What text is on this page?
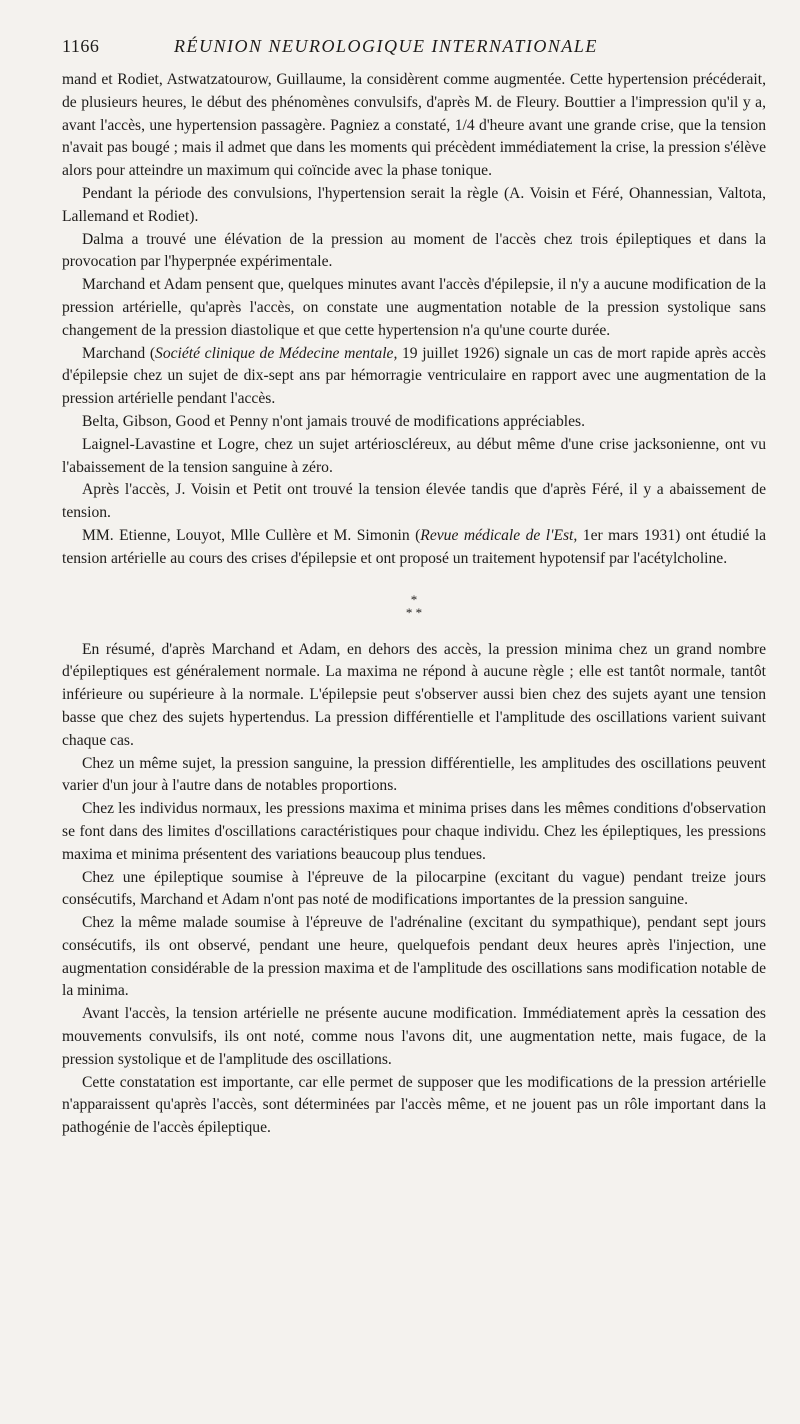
1166	RÉUNION NEUROLOGIQUE INTERNATIONALE

mand et Rodiet, Astwatzatourow, Guillaume, la considèrent comme augmentée. Cette hypertension précéderait, de plusieurs heures, le début des phénomènes convulsifs, d'après M. de Fleury. Bouttier a l'impression qu'il y a, avant l'accès, une hypertension passagère. Pagniez a constaté, 1/4 d'heure avant une grande crise, que la tension n'avait pas bougé ; mais il admet que dans les moments qui précèdent immédiatement la crise, la pression s'élève alors pour atteindre un maximum qui coïncide avec la phase tonique.

Pendant la période des convulsions, l'hypertension serait la règle (A. Voisin et Féré, Ohannessian, Valtota, Lallemand et Rodiet).

Dalma a trouvé une élévation de la pression au moment de l'accès chez trois épileptiques et dans la provocation par l'hyperpnée expérimentale.

Marchand et Adam pensent que, quelques minutes avant l'accès d'épilepsie, il n'y a aucune modification de la pression artérielle, qu'après l'accès, on constate une augmentation notable de la pression systolique sans changement de la pression diastolique et que cette hypertension n'a qu'une courte durée.

Marchand (Société clinique de Médecine mentale, 19 juillet 1926) signale un cas de mort rapide après accès d'épilepsie chez un sujet de dix-sept ans par hémorragie ventriculaire en rapport avec une augmentation de la pression artérielle pendant l'accès.

Belta, Gibson, Good et Penny n'ont jamais trouvé de modifications appréciables.

Laignel-Lavastine et Logre, chez un sujet artérioscléreux, au début même d'une crise jacksonienne, ont vu l'abaissement de la tension sanguine à zéro.

Après l'accès, J. Voisin et Petit ont trouvé la tension élevée tandis que d'après Féré, il y a abaissement de tension.

MM. Etienne, Louyot, Mlle Cullère et M. Simonin (Revue médicale de l'Est, 1er mars 1931) ont étudié la tension artérielle au cours des crises d'épilepsie et ont proposé un traitement hypotensif par l'acétylcholine.

*
* *

En résumé, d'après Marchand et Adam, en dehors des accès, la pression minima chez un grand nombre d'épileptiques est généralement normale. La maxima ne répond à aucune règle ; elle est tantôt normale, tantôt inférieure ou supérieure à la normale. L'épilepsie peut s'observer aussi bien chez des sujets ayant une tension basse que chez des sujets hypertendus. La pression différentielle et l'amplitude des oscillations varient suivant chaque cas.

Chez un même sujet, la pression sanguine, la pression différentielle, les amplitudes des oscillations peuvent varier d'un jour à l'autre dans de notables proportions.

Chez les individus normaux, les pressions maxima et minima prises dans les mêmes conditions d'observation se font dans des limites d'oscillations caractéristiques pour chaque individu. Chez les épileptiques, les pressions maxima et minima présentent des variations beaucoup plus tendues.

Chez une épileptique soumise à l'épreuve de la pilocarpine (excitant du vague) pendant treize jours consécutifs, Marchand et Adam n'ont pas noté de modifications importantes de la pression sanguine.

Chez la même malade soumise à l'épreuve de l'adrénaline (excitant du sympathique), pendant sept jours consécutifs, ils ont observé, pendant une heure, quelquefois pendant deux heures après l'injection, une augmentation considérable de la pression maxima et de l'amplitude des oscillations sans modification notable de la minima.

Avant l'accès, la tension artérielle ne présente aucune modification. Immédiatement après la cessation des mouvements convulsifs, ils ont noté, comme nous l'avons dit, une augmentation nette, mais fugace, de la pression systolique et de l'amplitude des oscillations.

Cette constatation est importante, car elle permet de supposer que les modifications de la pression artérielle n'apparaissent qu'après l'accès, sont déterminées par l'accès même, et ne jouent pas un rôle important dans la pathogénie de l'accès épileptique.
